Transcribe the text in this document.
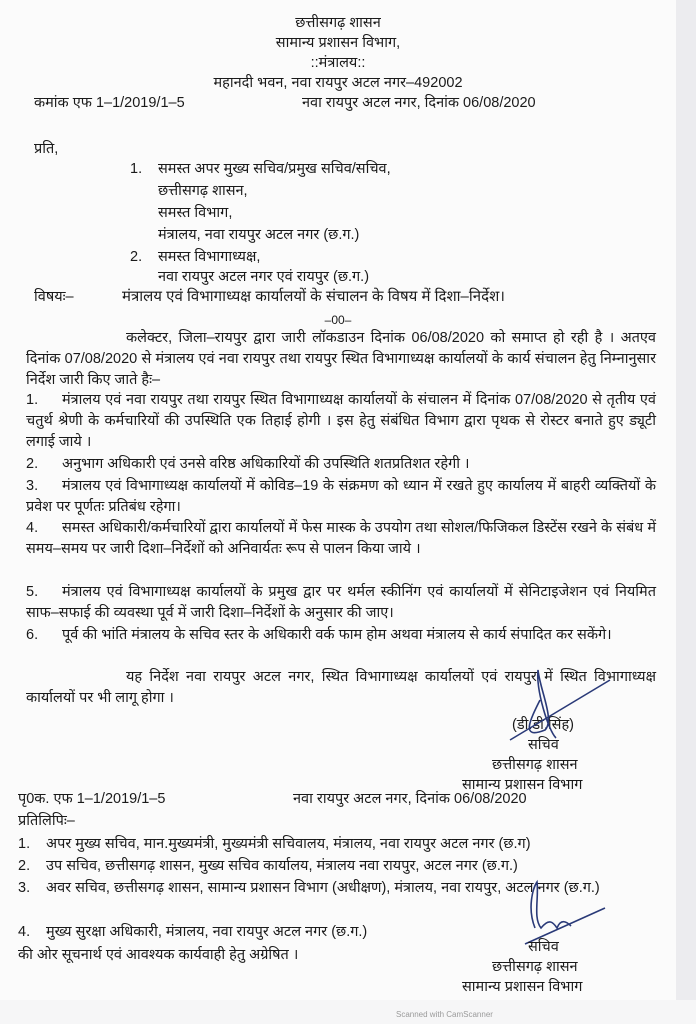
छत्तीसगढ़ शासन
सामान्य प्रशासन विभाग,
::मंत्रालय::
महानदी भवन, नवा रायपुर अटल नगर–492002
कमांक एफ 1–1/2019/1–5	नवा रायपुर अटल नगर, दिनांक 06/08/2020
प्रति,
1. समस्त अपर मुख्य सचिव/प्रमुख सचिव/सचिव,
छत्तीसगढ़ शासन,
समस्त विभाग,
मंत्रालय, नवा रायपुर अटल नगर (छ.ग.)
2. समस्त विभागाध्यक्ष,
नवा रायपुर अटल नगर एवं रायपुर (छ.ग.)
विषयः–	मंत्रालय एवं विभागाध्यक्ष कार्यालयों के संचालन के विषय में दिशा–निर्देश।
–00–
कलेक्टर, जिला–रायपुर द्वारा जारी लॉकडाउन दिनांक 06/08/2020 को समाप्त हो रही है । अतएव दिनांक 07/08/2020 से मंत्रालय एवं नवा रायपुर तथा रायपुर स्थित विभागाध्यक्ष कार्यालयों के कार्य संचालन हेतु निम्नानुसार निर्देश जारी किए जाते हैः–
1. मंत्रालय एवं नवा रायपुर तथा रायपुर स्थित विभागाध्यक्ष कार्यालयों के संचालन में दिनांक 07/08/2020 से तृतीय एवं चतुर्थ श्रेणी के कर्मचारियों की उपस्थिति एक तिहाई होगी । इस हेतु संबंधित विभाग द्वारा पृथक से रोस्टर बनाते हुए ड्यूटी लगाई जाये ।
2. अनुभाग अधिकारी एवं उनसे वरिष्ठ अधिकारियों की उपस्थिति शतप्रतिशत रहेगी ।
3. मंत्रालय एवं विभागाध्यक्ष कार्यालयों में कोविड–19 के संक्रमण को ध्यान में रखते हुए कार्यालय में बाहरी व्यक्तियों के प्रवेश पर पूर्णतः प्रतिबंध रहेगा।
4. समस्त अधिकारी/कर्मचारियों द्वारा कार्यालयों में फेस मास्क के उपयोग तथा सोशल/फिजिकल डिस्टेंस रखने के संबंध में समय–समय पर जारी दिशा–निर्देशों को अनिवार्यतः रूप से पालन किया जाये ।
5. मंत्रालय एवं विभागाध्यक्ष कार्यालयों के प्रमुख द्वार पर थर्मल स्कीनिंग एवं कार्यालयों में सेनिटाइजेशन एवं नियमित साफ–सफाई की व्यवस्था पूर्व में जारी दिशा–निर्देशों के अनुसार की जाए।
6. पूर्व की भांति मंत्रालय के सचिव स्तर के अधिकारी वर्क फाम होम अथवा मंत्रालय से कार्य संपादित कर सकेंगे।
यह निर्देश नवा रायपुर अटल नगर, स्थित विभागाध्यक्ष कार्यालयों एवं रायपुर में स्थित विभागाध्यक्ष कार्यालयों पर भी लागू होगा ।
(डी.डी.सिंह)
सचिव
छत्तीसगढ़ शासन
सामान्य प्रशासन विभाग
पृ0क. एफ 1–1/2019/1–5	नवा रायपुर अटल नगर, दिनांक 06/08/2020
प्रतिलिपिः–
1. अपर मुख्य सचिव, मान.मुख्यमंत्री, मुख्यमंत्री सचिवालय, मंत्रालय, नवा रायपुर अटल नगर (छ.ग)
2. उप सचिव, छत्तीसगढ़ शासन, मुख्य सचिव कार्यालय, मंत्रालय नवा रायपुर, अटल नगर (छ.ग.)
3. अवर सचिव, छत्तीसगढ़ शासन, सामान्य प्रशासन विभाग (अधीक्षण), मंत्रालय, नवा रायपुर, अटल नगर (छ.ग.)
4. मुख्य सुरक्षा अधिकारी, मंत्रालय, नवा रायपुर अटल नगर (छ.ग.)
की ओर सूचनार्थ एवं आवश्यक कार्यवाही हेतु अग्रेषित ।	सचिव
छत्तीसगढ़ शासन
सामान्य प्रशासन विभाग
Scanned with CamScanner
